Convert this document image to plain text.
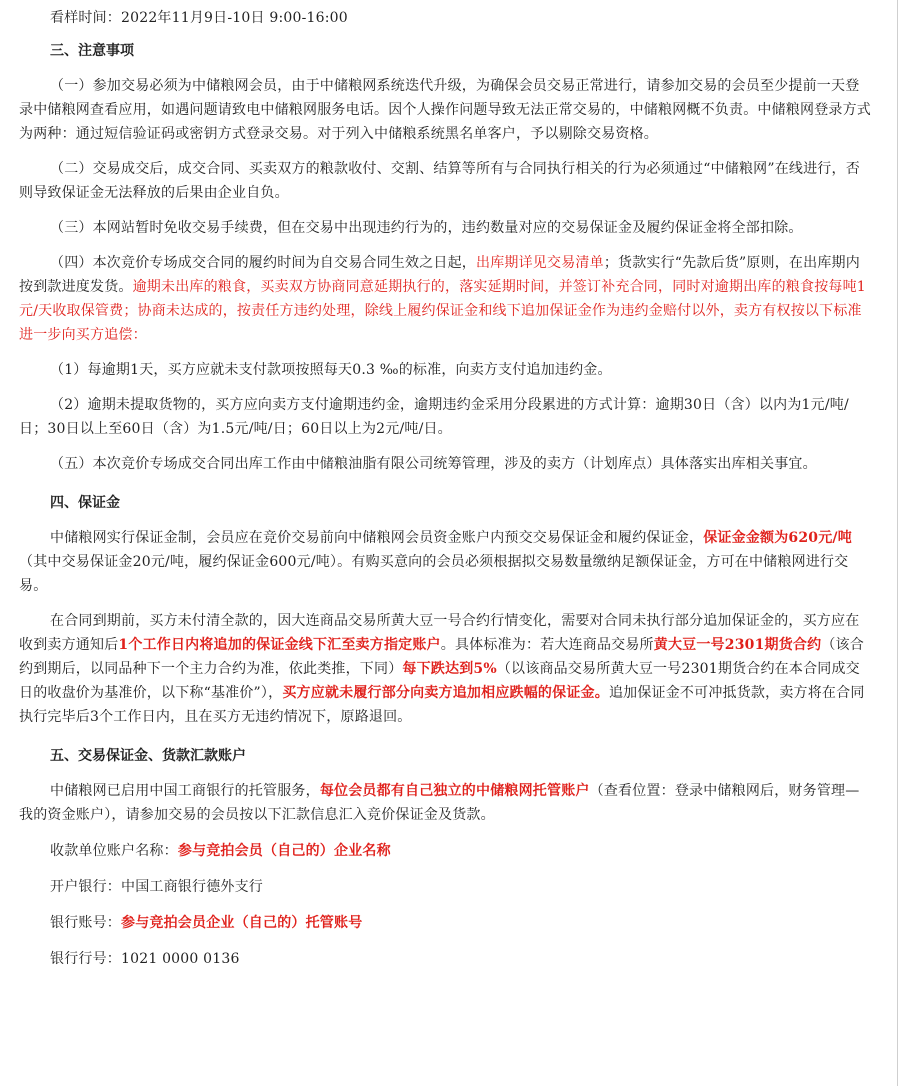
看样时间：2022年11月9日-10日 9:00-16:00

三、注意事项

（一）参加交易必须为中储粮网会员，由于中储粮网系统迭代升级，为确保会员交易正常进行，请参加交易的会员至少提前一天登录中储粮网查看应用，如遇问题请致电中储粮网服务电话。因个人操作问题导致无法正常交易的，中储粮网概不负责。中储粮网登录方式为两种：通过短信验证码或密钥方式登录交易。对于列入中储粮系统黑名单客户，予以剔除交易资格。

（二）交易成交后，成交合同、买卖双方的粮款收付、交割、结算等所有与合同执行相关的行为必须通过“中储粮网”在线进行，否则导致保证金无法释放的后果由企业自负。

（三）本网站暂时免收交易手续费，但在交易中出现违约行为的，违约数量对应的交易保证金及履约保证金将全部扣除。

（四）本次竞价专场成交合同的履约时间为自交易合同生效之日起，出库期详见交易清单；货款实行“先款后货”原则，在出库期内按到款进度发货。逾期未出库的粮食，买卖双方协商同意延期执行的，落实延期时间，并签订补充合同，同时对逾期出库的粮食按每吨1元/天收取保管费；协商未达成的，按责任方违约处理，除线上履约保证金和线下追加保证金作为违约金赔付以外，卖方有权按以下标准进一步向买方追偿：

（1）每逾期1天，买方应就未支付款项按照每天0.3 ‰的标准，向卖方支付追加违约金。

（2）逾期未提取货物的，买方应向卖方支付逾期违约金，逾期违约金采用分段累进的方式计算：逾期30日（含）以内为1元/吨/日；30日以上至60日（含）为1.5元/吨/日；60日以上为2元/吨/日。

（五）本次竞价专场成交合同出库工作由中储粮油脂有限公司统筹管理，涉及的卖方（计划库点）具体落实出库相关事宜。

四、保证金

中储粮网实行保证金制，会员应在竞价交易前向中储粮网会员资金账户内预交交易保证金和履约保证金，保证金金额为620元/吨（其中交易保证金20元/吨，履约保证金600元/吨）。有购买意向的会员必须根据拟交易数量缴纳足额保证金，方可在中储粮网进行交易。

在合同到期前，买方未付清全款的，因大连商品交易所黄大豆一号合约行情变化，需要对合同未执行部分追加保证金的，买方应在收到卖方通知后1个工作日内将追加的保证金线下汇至卖方指定账户。具体标准为：若大连商品交易所黄大豆一号2301期货合约（该合约到期后，以同品种下一个主力合约为准，依此类推，下同）每下跌达到5%（以该商品交易所黄大豆一号2301期货合约在本合同成交日的收盘价为基准价，以下称“基准价”），买方应就未履行部分向卖方追加相应跌幅的保证金。追加保证金不可冲抵货款，卖方将在合同执行完毕后3个工作日内，且在买方无违约情况下，原路退回。

五、交易保证金、货款汇款账户

中储粮网已启用中国工商银行的托管服务，每位会员都有自己独立的中储粮网托管账户（查看位置：登录中储粮网后，财务管理—我的资金账户），请参加交易的会员按以下汇款信息汇入竞价保证金及货款。

收款单位账户名称：参与竞拍会员（自己的）企业名称

开户银行：中国工商银行德外支行

银行账号：参与竞拍会员企业（自己的）托管账号

银行行号：1021 0000 0136
